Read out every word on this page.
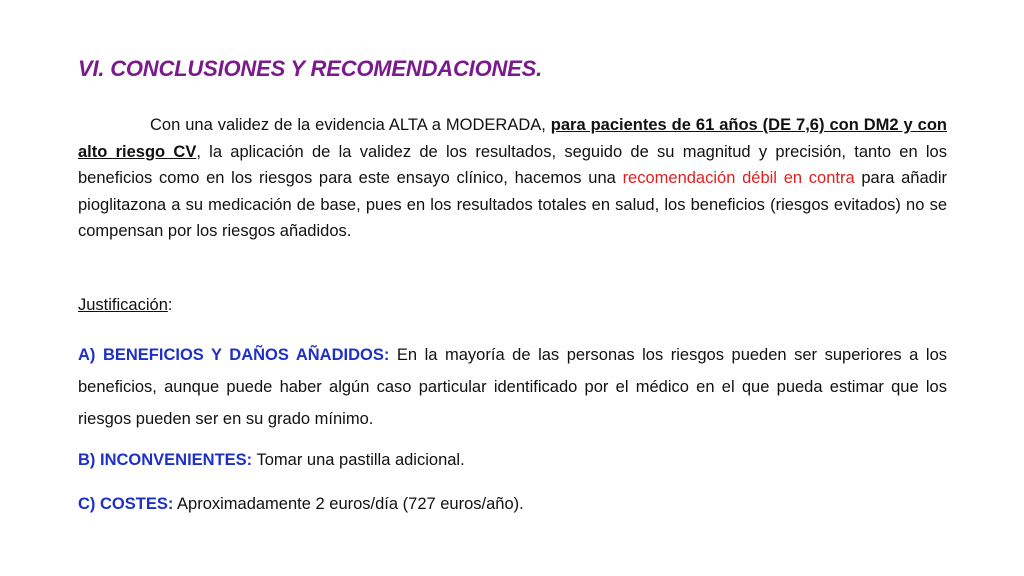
VI. CONCLUSIONES Y RECOMENDACIONES.

Con una validez de la evidencia ALTA a MODERADA, para pacientes de 61 años (DE 7,6) con DM2 y con alto riesgo CV, la aplicación de la validez de los resultados, seguido de su magnitud y precisión, tanto en los beneficios como en los riesgos para este ensayo clínico, hacemos una recomendación débil en contra para añadir pioglitazona a su medicación de base, pues en los resultados totales en salud, los beneficios (riesgos evitados) no se compensan por los riesgos añadidos.

Justificación:

A) BENEFICIOS Y DAÑOS AÑADIDOS: En la mayoría de las personas los riesgos pueden ser superiores a los beneficios, aunque puede haber algún caso particular identificado por el médico en el que pueda estimar que los riesgos pueden ser en su grado mínimo.

B) INCONVENIENTES: Tomar una pastilla adicional.
C) COSTES: Aproximadamente 2 euros/día (727 euros/año).
